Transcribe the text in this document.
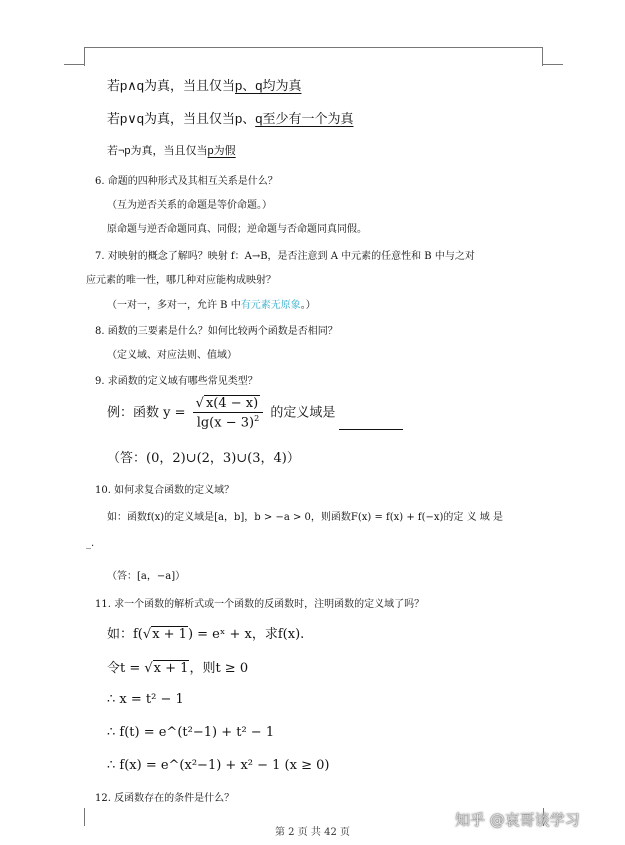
若p∧q为真，当且仅当p、q均为真
若p∨q为真，当且仅当p、q至少有一个为真
若¬p为真，当且仅当p为假
6. 命题的四种形式及其相互关系是什么？
（互为逆否关系的命题是等价命题。）
原命题与逆否命题同真、同假；逆命题与否命题同真同假。
7. 对映射的概念了解吗？映射 f：A→B，是否注意到 A 中元素的任意性和 B 中与之对
应元素的唯一性，哪几种对应能构成映射？
（一对一，多对一，允许 B 中有元素无原象。）
8. 函数的三要素是什么？如何比较两个函数是否相同？
（定义域、对应法则、值域）
9. 求函数的定义域有哪些常见类型？
例：函数 $y = \frac{√ x(4 - x)}{\lg(x - 3)^2}$ 的定义域是
（答：(0，2)∪(2，3)∪(3，4)）
10. 如何求复合函数的定义域？
如：函数f(x)的定义域是[a，b]，b > −a > 0，则函数F(x) = f(x) + f(−x)的定 义 域 是
_.
（答：[a，−a]）
11. 求一个函数的解析式或一个函数的反函数时，注明函数的定义域了吗？
如：f(√x + 1) = eˣ + x，求f(x).
令t = √x + 1，则t ≥ 0
∴ x = t² − 1
∴ f(t) = e^(t²−1) + t² − 1
∴ f(x) = e^(x²−1) + x² − 1 (x ≥ 0)
12. 反函数存在的条件是什么？
第 2 页 共 42 页
知乎 @哀哥谈学习
